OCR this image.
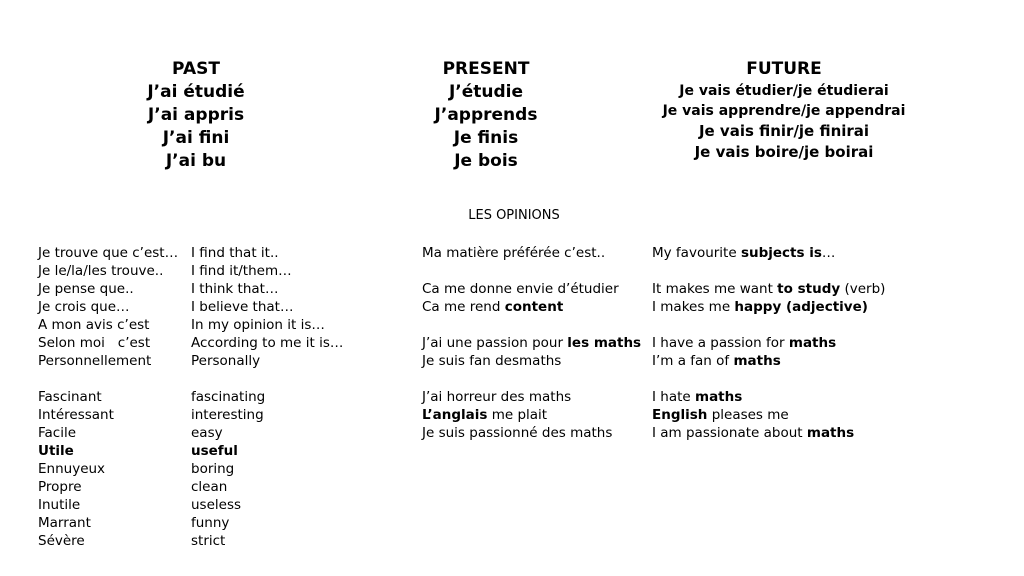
PAST
J’ai étudié
J’ai appris
J’ai fini
J’ai bu
PRESENT
J’étudie
J’apprends
Je finis
Je bois
FUTURE
Je vais étudier/je étudierai
Je vais apprendre/je appendrai
Je vais finir/je finirai
Je vais boire/je boirai
LES OPINIONS
Je trouve que c’est…
Je le/la/les trouve..
Je pense que..
Je crois que…
A mon avis c’est
Selon moi   c’est
Personnellement
Fascinant
Intéressant
Facile
Utile
Ennuyeux
Propre
Inutile
Marrant
Sévère
I find that it..
I find it/them…
I think that…
I believe that…
In my opinion it is…
According to me it is…
Personally
fascinating
interesting
easy
useful
boring
clean
useless
funny
strict
Ma matière préférée c’est..
Ca me donne envie d’étudier
Ca me rend content
J’ai une passion pour les maths
Je suis fan desmaths
J’ai horreur des maths
L’anglais me plait
Je suis passionné des maths
My favourite subjects is…
It makes me want to study (verb)
I makes me happy (adjective)
I have a passion for maths
I’m a fan of maths
I hate maths
English pleases me
I am passionate about maths
